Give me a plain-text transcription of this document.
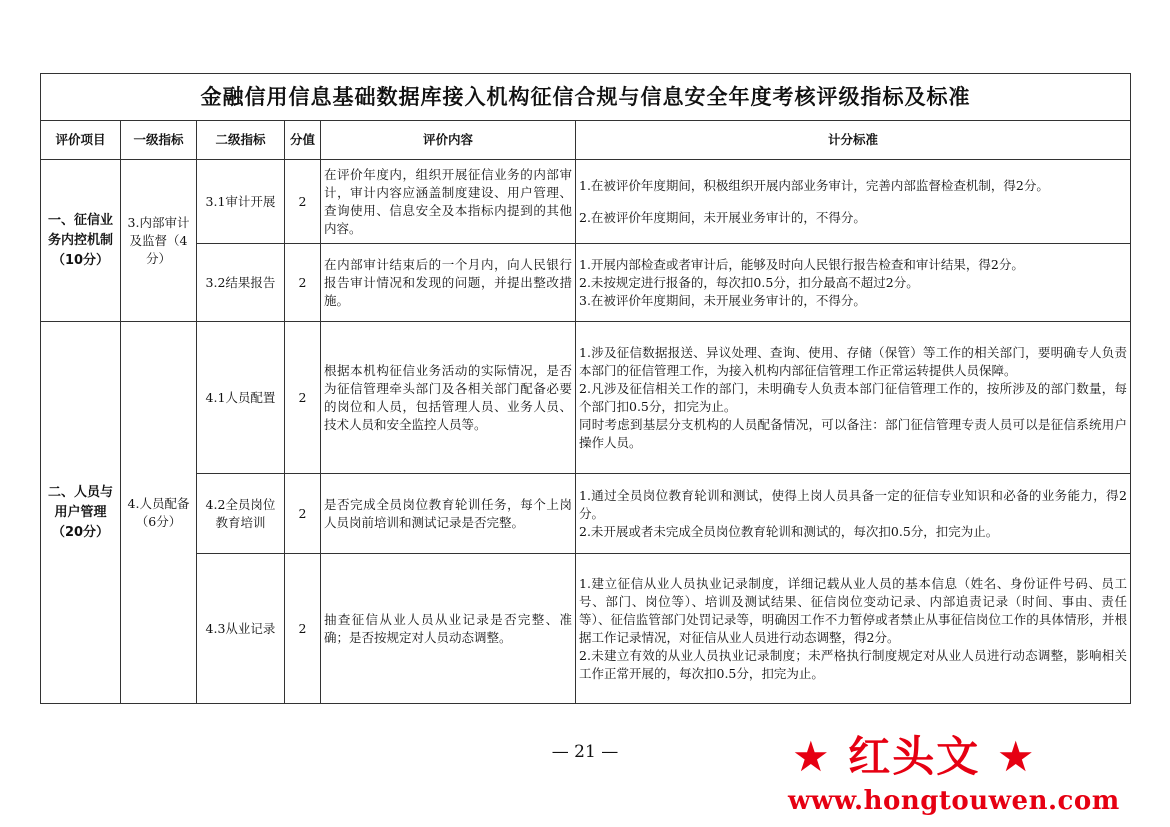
金融信用信息基础数据库接入机构征信合规与信息安全年度考核评级指标及标准					
评价项目	一级指标	二级指标	分值	评价内容	计分标准
一、征信业务内控机制（10分）	3.内部审计及监督（4分）	3.1审计开展	2	在评价年度内，组织开展征信业务的内部审计，审计内容应涵盖制度建设、用户管理、查询使用、信息安全及本指标内提到的其他内容。	1.在被评价年度期间，积极组织开展内部业务审计，完善内部监督检查机制，得2分。
2.在被评价年度期间，未开展业务审计的，不得分。

		3.2结果报告	2	在内部审计结束后的一个月内，向人民银行报告审计情况和发现的问题，并提出整改措施。	1.开展内部检查或者审计后，能够及时向人民银行报告检查和审计结果，得2分。
2.未按规定进行报备的，每次扣0.5分，扣分最高不超过2分。
3.在被评价年度期间，未开展业务审计的，不得分。

二、人员与用户管理（20分）	4.人员配备（6分）	4.1人员配置	2	根据本机构征信业务活动的实际情况，是否为征信管理牵头部门及各相关部门配备必要的岗位和人员，包括管理人员、业务人员、技术人员和安全监控人员等。	1.涉及征信数据报送、异议处理、查询、使用、存储（保管）等工作的相关部门，要明确专人负责本部门的征信管理工作，为接入机构内部征信管理工作正常运转提供人员保障。
2.凡涉及征信相关工作的部门，未明确专人负责本部门征信管理工作的，按所涉及的部门数量，每个部门扣0.5分，扣完为止。
同时考虑到基层分支机构的人员配备情况，可以备注：部门征信管理专责人员可以是征信系统用户操作人员。

		4.2全员岗位教育培训	2	是否完成全员岗位教育轮训任务，每个上岗人员岗前培训和测试记录是否完整。	1.通过全员岗位教育轮训和测试，使得上岗人员具备一定的征信专业知识和必备的业务能力，得2分。
2.未开展或者未完成全员岗位教育轮训和测试的，每次扣0.5分，扣完为止。

		4.3从业记录	2	抽查征信从业人员从业记录是否完整、准确；是否按规定对人员动态调整。	1.建立征信从业人员执业记录制度，详细记载从业人员的基本信息（姓名、身份证件号码、员工号、部门、岗位等）、培训及测试结果、征信岗位变动记录、内部追责记录（时间、事由、责任等）、征信监管部门处罚记录等，明确因工作不力暂停或者禁止从事征信岗位工作的具体情形，并根据工作记录情况，对征信从业人员进行动态调整，得2分。
2.未建立有效的从业人员执业记录制度；未严格执行制度规定对从业人员进行动态调整，影响相关工作正常开展的，每次扣0.5分，扣完为止。
— 21 —	★ 红头文 ★
www.hongtouwen.com
